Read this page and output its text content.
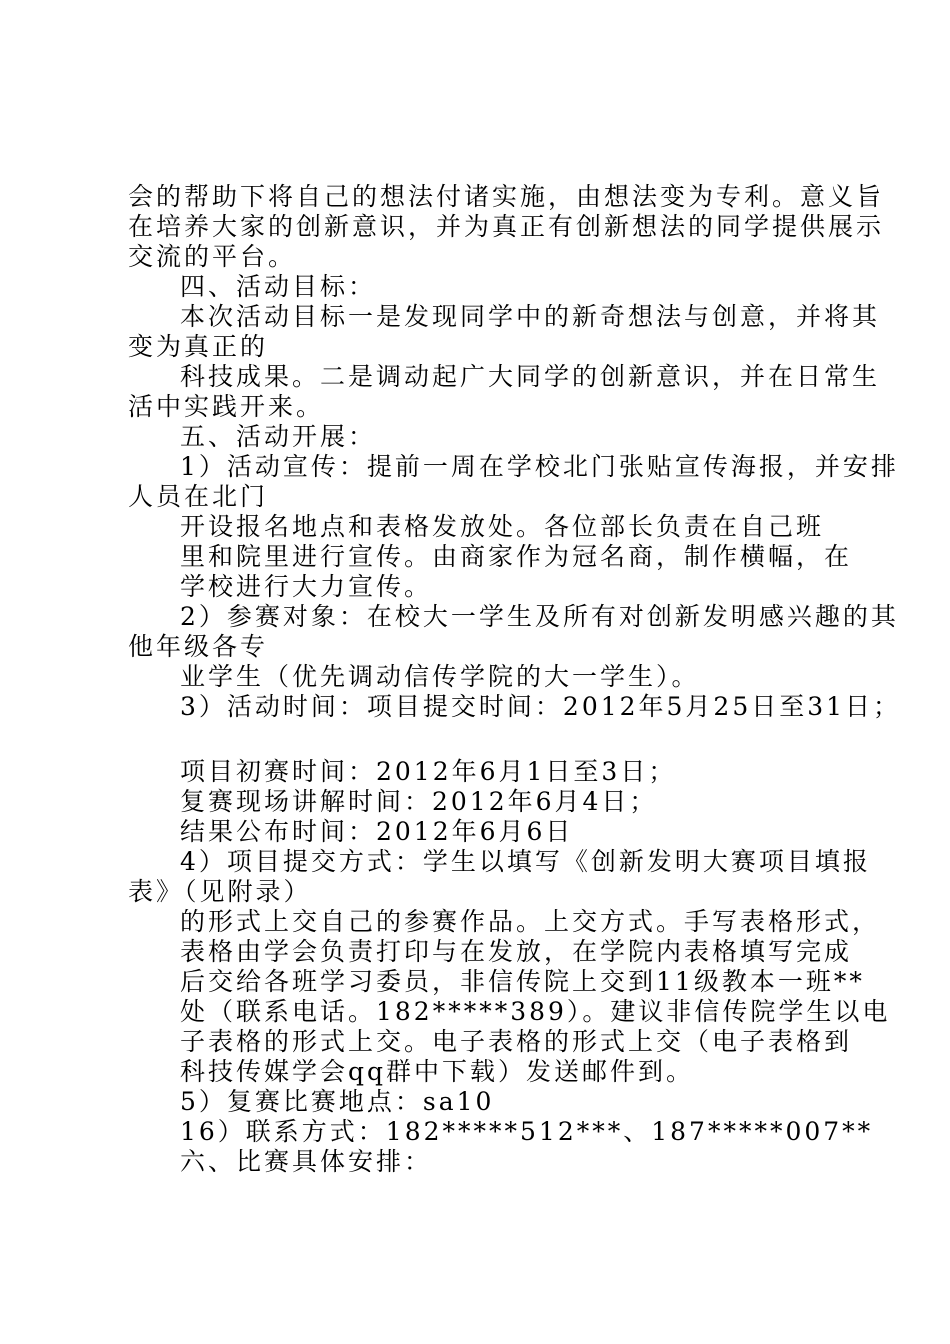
会的帮助下将自己的想法付诸实施，由想法变为专利。意义旨
在培养大家的创新意识，并为真正有创新想法的同学提供展示
交流的平台。
四、活动目标：
本次活动目标一是发现同学中的新奇想法与创意，并将其
变为真正的
科技成果。二是调动起广大同学的创新意识，并在日常生
活中实践开来。
五、活动开展：
1）活动宣传：提前一周在学校北门张贴宣传海报，并安排
人员在北门
开设报名地点和表格发放处。各位部长负责在自己班
里和院里进行宣传。由商家作为冠名商，制作横幅，在
学校进行大力宣传。
2）参赛对象：在校大一学生及所有对创新发明感兴趣的其
他年级各专
业学生（优先调动信传学院的大一学生）。
3）活动时间：项目提交时间：2012年5月25日至31日；
项目初赛时间：2012年6月1日至3日；
复赛现场讲解时间：2012年6月4日；
结果公布时间：2012年6月6日
4）项目提交方式：学生以填写《创新发明大赛项目填报
表》（见附录）
的形式上交自己的参赛作品。上交方式。手写表格形式，
表格由学会负责打印与在发放，在学院内表格填写完成
后交给各班学习委员，非信传院上交到11级教本一班**
处（联系电话。182*****389）。建议非信传院学生以电
子表格的形式上交。电子表格的形式上交（电子表格到
科技传媒学会qq群中下载）发送邮件到。
5）复赛比赛地点：sa10
16）联系方式：182*****512***、187*****007**
六、比赛具体安排：
